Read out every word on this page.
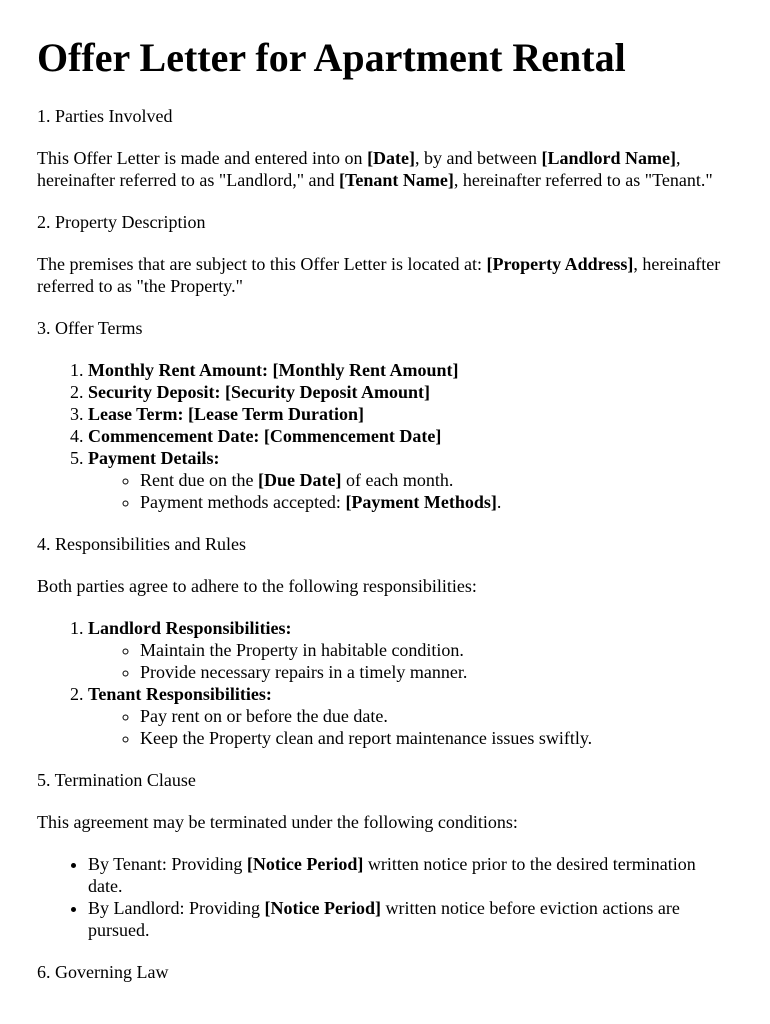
Offer Letter for Apartment Rental

1. Parties Involved

This Offer Letter is made and entered into on [Date], by and between [Landlord Name], hereinafter referred to as "Landlord," and [Tenant Name], hereinafter referred to as "Tenant."

2. Property Description

The premises that are subject to this Offer Letter is located at: [Property Address], hereinafter referred to as "the Property."

3. Offer Terms

1. Monthly Rent Amount: [Monthly Rent Amount]
2. Security Deposit: [Security Deposit Amount]
3. Lease Term: [Lease Term Duration]
4. Commencement Date: [Commencement Date]
5. Payment Details:
◦ Rent due on the [Due Date] of each month.
◦ Payment methods accepted: [Payment Methods].

4. Responsibilities and Rules

Both parties agree to adhere to the following responsibilities:

1. Landlord Responsibilities:
◦ Maintain the Property in habitable condition.
◦ Provide necessary repairs in a timely manner.
2. Tenant Responsibilities:
◦ Pay rent on or before the due date.
◦ Keep the Property clean and report maintenance issues swiftly.

5. Termination Clause

This agreement may be terminated under the following conditions:

• By Tenant: Providing [Notice Period] written notice prior to the desired termination date.
• By Landlord: Providing [Notice Period] written notice before eviction actions are pursued.

6. Governing Law
